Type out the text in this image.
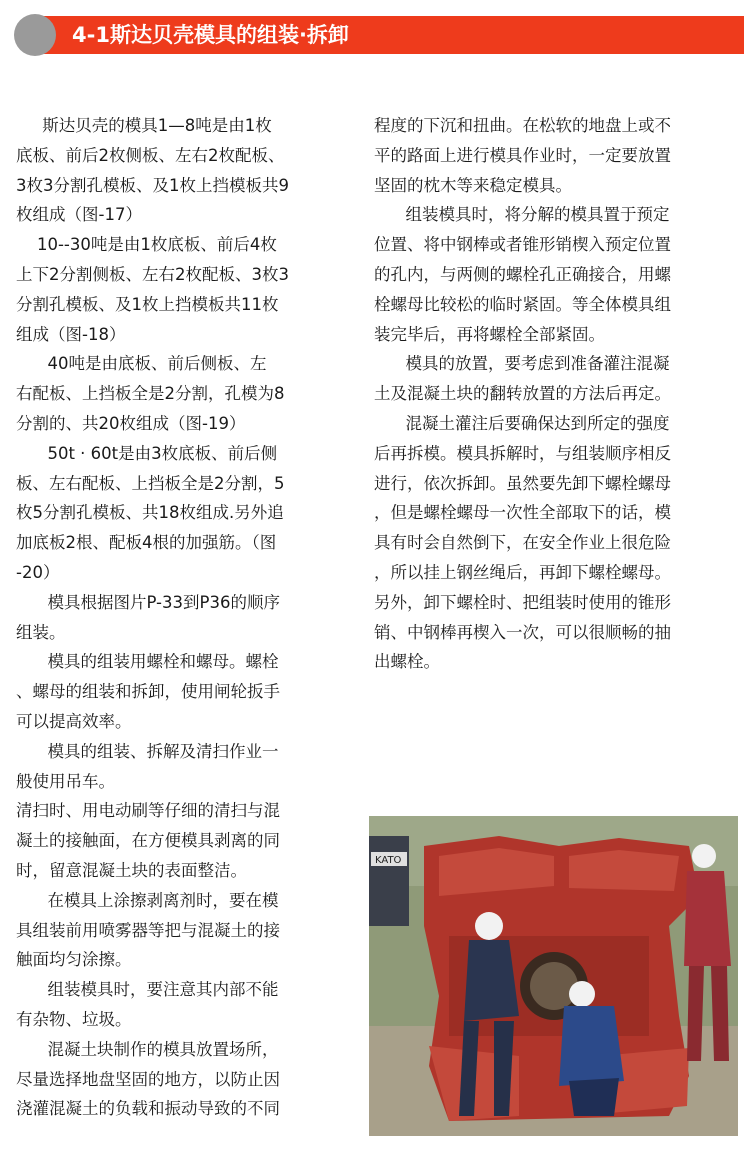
4-1斯达贝壳模具的组装·拆卸
斯达贝壳的模具1—8吨是由1枚
底板、前后2枚侧板、左右2枚配板、
3枚3分割孔模板、及1枚上挡模板共9
枚组成（图-17）
10--30吨是由1枚底板、前后4枚
上下2分割侧板、左右2枚配板、3枚3
分割孔模板、及1枚上挡模板共11枚
组成（图-18）
40吨是由底板、前后侧板、左
右配板、上挡板全是2分割，孔模为8
分割的、共20枚组成（图-19）
50t · 60t是由3枚底板、前后侧
板、左右配板、上挡板全是2分割，5
枚5分割孔模板、共18枚组成.另外追
加底板2根、配板4根的加强筋。（图
-20）
模具根据图片P-33到P36的顺序
组装。
模具的组装用螺栓和螺母。螺栓
、螺母的组装和拆卸，使用闸轮扳手
可以提高效率。
模具的组装、拆解及清扫作业一
般使用吊车。
清扫时、用电动刷等仔细的清扫与混
凝土的接触面，在方便模具剥离的同
时，留意混凝土块的表面整洁。
在模具上涂擦剥离剂时，要在模
具组装前用喷雾器等把与混凝土的接
触面均匀涂擦。
组装模具时，要注意其内部不能
有杂物、垃圾。
混凝土块制作的模具放置场所，
尽量选择地盘坚固的地方，以防止因
浇灌混凝土的负载和振动导致的不同
程度的下沉和扭曲。在松软的地盘上或不
平的路面上进行模具作业时，一定要放置
坚固的枕木等来稳定模具。
组装模具时，将分解的模具置于预定
位置、将中钢棒或者锥形销楔入预定位置
的孔内，与两侧的螺栓孔正确接合，用螺
栓螺母比较松的临时紧固。等全体模具组
装完毕后，再将螺栓全部紧固。
模具的放置，要考虑到准备灌注混凝
土及混凝土块的翻转放置的方法后再定。
混凝土灌注后要确保达到所定的强度
后再拆模。模具拆解时，与组装顺序相反
进行，依次拆卸。虽然要先卸下螺栓螺母
，但是螺栓螺母一次性全部取下的话，模
具有时会自然倒下，在安全作业上很危险
，所以挂上钢丝绳后，再卸下螺栓螺母。
另外，卸下螺栓时、把组装时使用的锥形
销、中钢棒再楔入一次，可以很顺畅的抽
出螺栓。
KATO
